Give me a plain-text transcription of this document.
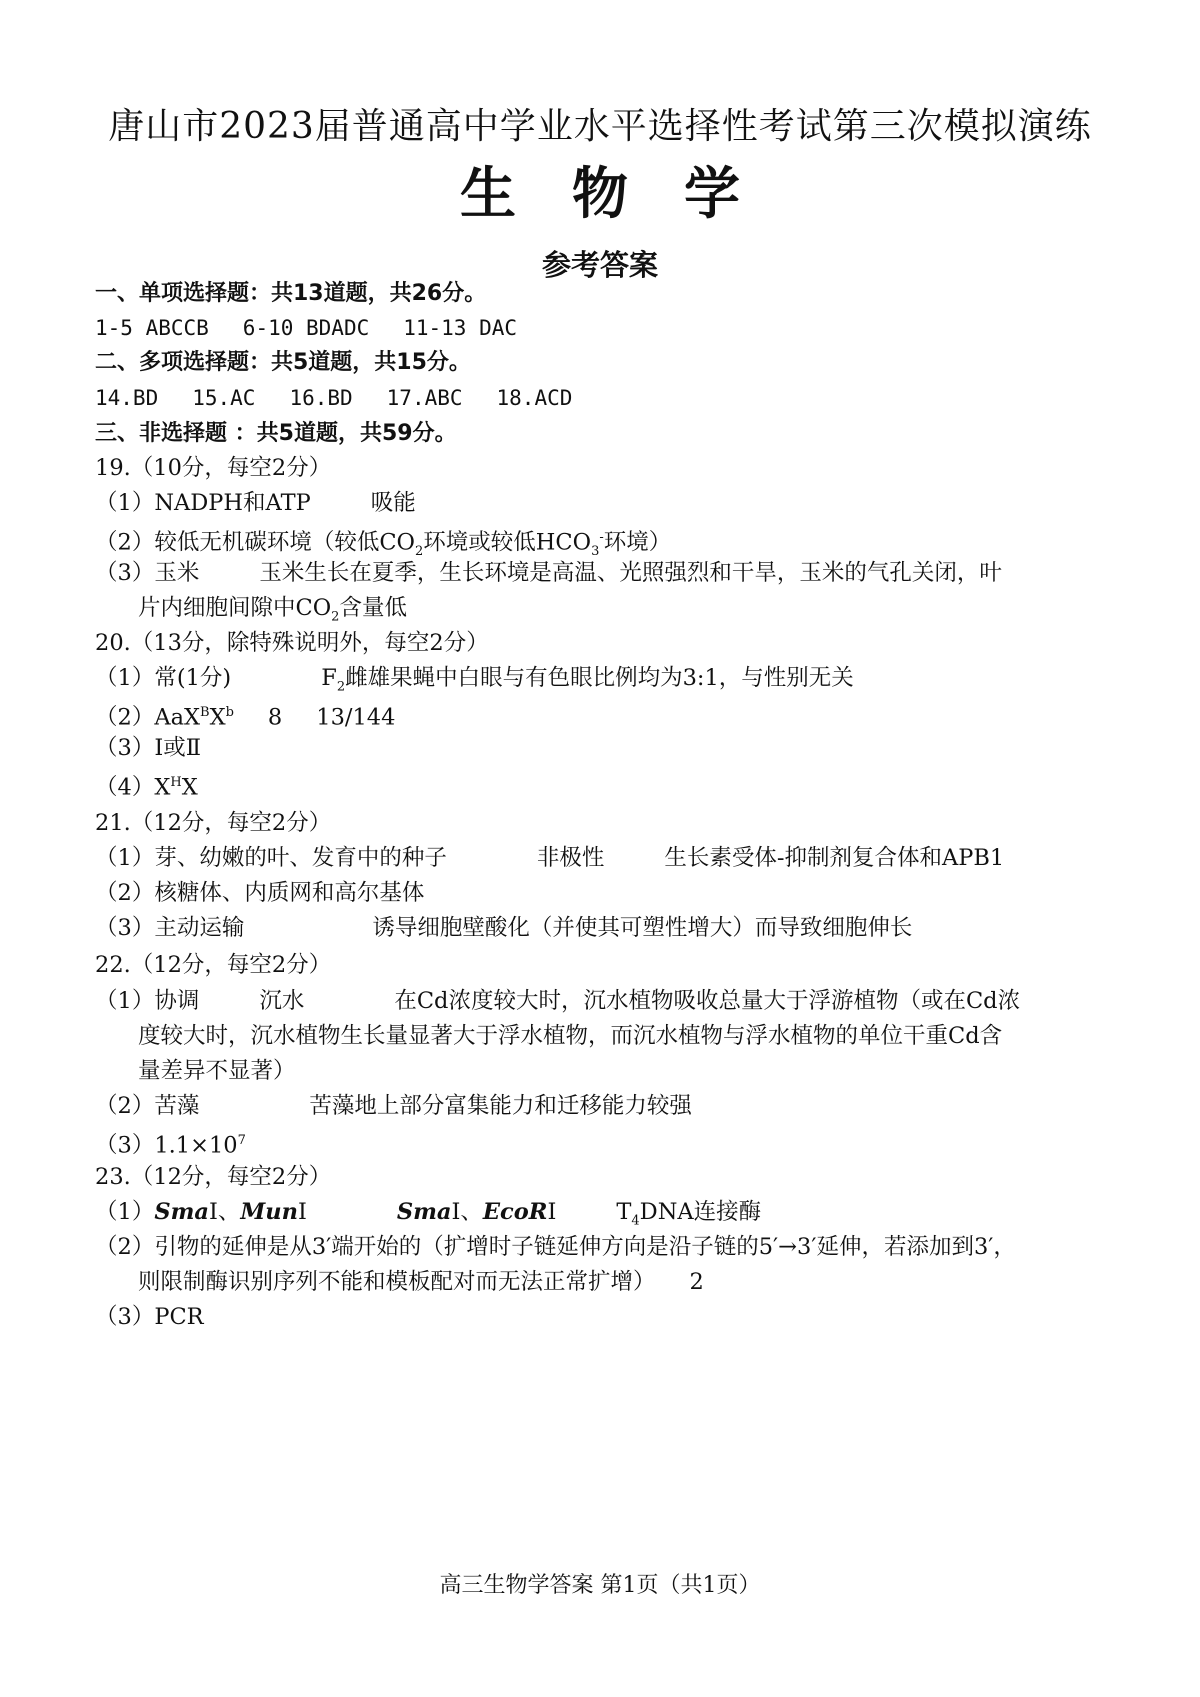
唐山市2023届普通高中学业水平选择性考试第三次模拟演练
生　物　学
参考答案
一、单项选择题：共13道题，共26分。
1-5 ABCCB 6-10 BDADC 11-13 DAC
二、多项选择题：共5道题，共15分。
14.BD 15.AC 16.BD 17.ABC 18.ACD
三、非选择题 ：共5道题，共59分。
19.（10分，每空2分）
（1）NADPH和ATP	吸能
（2）较低无机碳环境（较低$CO_2$环境或较低$HCO_3^-$环境）
（3）玉米	玉米生长在夏季，生长环境是高温、光照强烈和干旱，玉米的气孔关闭，叶
片内细胞间隙中$CO_2$含量低
20.（13分，除特殊说明外，每空2分）
（1）常(1分)	$F_2$雌雄果蝇中白眼与有色眼比例均为3:1，与性别无关
$(2)AaX^BX^b$ 8 13/144
（3）Ⅰ或Ⅱ
$(4)X^HX$
21.（12分，每空2分）
（1）芽、幼嫩的叶、发育中的种子	非极性	生长素受体-抑制剂复合体和APB1
（2）核糖体、内质网和高尔基体
（3）主动运输	诱导细胞壁酸化（并使其可塑性增大）而导致细胞伸长
22.（12分，每空2分）
（1）协调	沉水	在Cd浓度较大时，沉水植物吸收总量大于浮游植物（或在Cd浓
度较大时，沉水植物生长量显著大于浮水植物，而沉水植物与浮水植物的单位干重Cd含
量差异不显著）
（2）苦藻	苦藻地上部分富集能力和迁移能力较强
$(3)1.1\times 10^7$
23.（12分，每空2分）
（1）SmaⅠ、MunⅠ	SmaⅠ、EcoRⅠ	$T_4DNA$连接酶
（2）引物的延伸是从3′端开始的（扩增时子链延伸方向是沿子链的5′→3′延伸，若添加到3′，
则限制酶识别序列不能和模板配对而无法正常扩增） 2
（3）PCR
高三生物学答案 第1页（共1页）
